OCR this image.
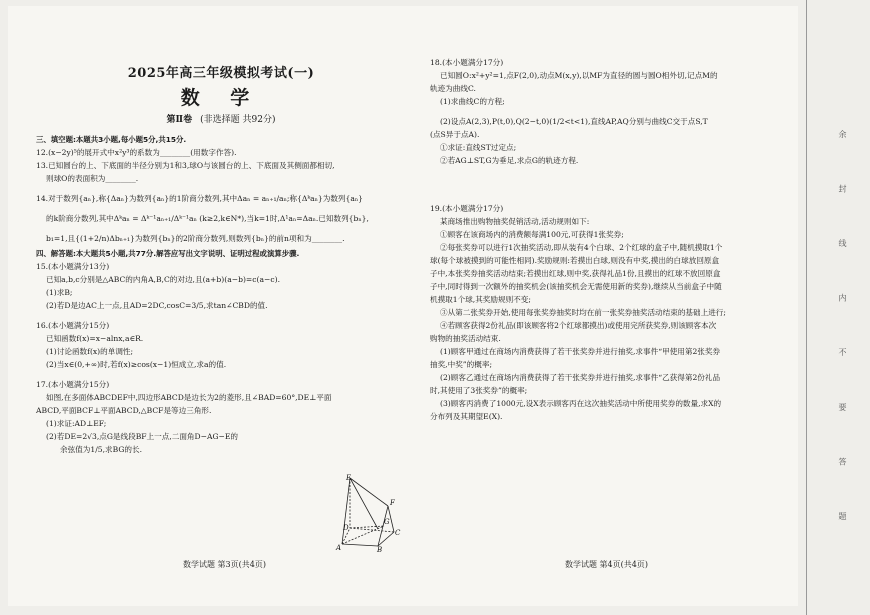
2025年高三年级模拟考试(一)
数 学
第Ⅱ卷 (非选择题 共92分)
三、填空题:本题共3小题,每小题5分,共15分.
12.(x−2y)⁵的展开式中x²y³的系数为________(用数字作答).
13.已知圆台的上、下底面的半径分别为1和3,球O与该圆台的上、下底面及其侧面都相切,
则球O的表面积为________.
14.对于数列{aₙ},称{Δaₙ}为数列{aₙ}的1阶商分数列,其中Δaₙ = aₙ₊₁/aₙ;称{Δᵏaₙ}为数列{aₙ}
的k阶商分数列,其中Δᵏaₙ = Δᵏ⁻¹aₙ₊₁/Δᵏ⁻¹aₙ (k≥2,k∈N*),当k=1时,Δ¹aₙ=Δaₙ.已知数列{bₙ},
b₁=1,且{(1+2/n)Δbₙ₊₁}为数列{bₙ}的2阶商分数列,则数列{bₙ}的前n项和为________.
四、解答题:本大题共5小题,共77分.解答应写出文字说明、证明过程或演算步骤.
15.(本小题满分13分)
已知a,b,c分别是△ABC的内角A,B,C的对边,且(a+b)(a−b)=c(a−c).
(1)求B;
(2)若D是边AC上一点,且AD=2DC,cosC=3/5,求tan∠CBD的值.
16.(本小题满分15分)
已知函数f(x)=x−alnx,a∈R.
(1)讨论函数f(x)的单调性;
(2)当x∈(0,+∞)时,若f(x)≥cos(x−1)恒成立,求a的值.
17.(本小题满分15分)
如图,在多面体ABCDEF中,四边形ABCD是边长为2的菱形,且∠BAD=60°,DE⊥平面
ABCD,平面BCF⊥平面ABCD,△BCF是等边三角形.
(1)求证:AD⊥EF;
(2)若DE=2√3,点G是线段BF上一点,二面角D−AG−E的
余弦值为1/5,求BG的长.
E
F
D
G
C
A	B
数学试题 第3页(共4页)
18.(本小题满分17分)
已知圆O:x²+y²=1,点F(2,0),动点M(x,y),以MF为直径的圆与圆O相外切,记点M的
轨迹为曲线C.
(1)求曲线C的方程;
(2)设点A(2,3),P(t,0),Q(2−t,0)(1/2<t<1),直线AP,AQ分别与曲线C交于点S,T
(点S异于点A).
①求证:直线ST过定点;
②若AG⊥ST,G为垂足,求点G的轨迹方程.
19.(本小题满分17分)
某商场推出购物抽奖促销活动,活动规则如下:
①顾客在该商场内的消费额每满100元,可获得1张奖券;
②每张奖券可以进行1次抽奖活动,即从装有4个白球、2个红球的盒子中,随机摸取1个
球(每个球被摸到的可能性相同).奖励规则:若摸出白球,则没有中奖,摸出的白球放回原盒
子中,本张奖券抽奖活动结束;若摸出红球,则中奖,获得礼品1份,且摸出的红球不放回原盒
子中,同时得到一次额外的抽奖机会(该抽奖机会无需使用新的奖券),继续从当前盒子中随
机摸取1个球,其奖励规则不变;
③从第二张奖券开始,使用每张奖券抽奖时均在前一张奖券抽奖活动结束的基础上进行;
④若顾客获得2份礼品(即该顾客将2个红球都摸出)或使用完所获奖券,则该顾客本次
购物的抽奖活动结束.
(1)顾客甲通过在商场内消费获得了若干张奖券并进行抽奖,求事件“甲使用第2张奖券
抽奖,中奖”的概率;
(2)顾客乙通过在商场内消费获得了若干张奖券并进行抽奖,求事件“乙获得第2份礼品
时,其使用了3张奖券”的概率;
(3)顾客丙消费了1000元,设X表示顾客丙在这次抽奖活动中所使用奖券的数量,求X的
分布列及其期望E(X).
数学试题 第4页(共4页)
余 封 线 内 不 要 答 题
